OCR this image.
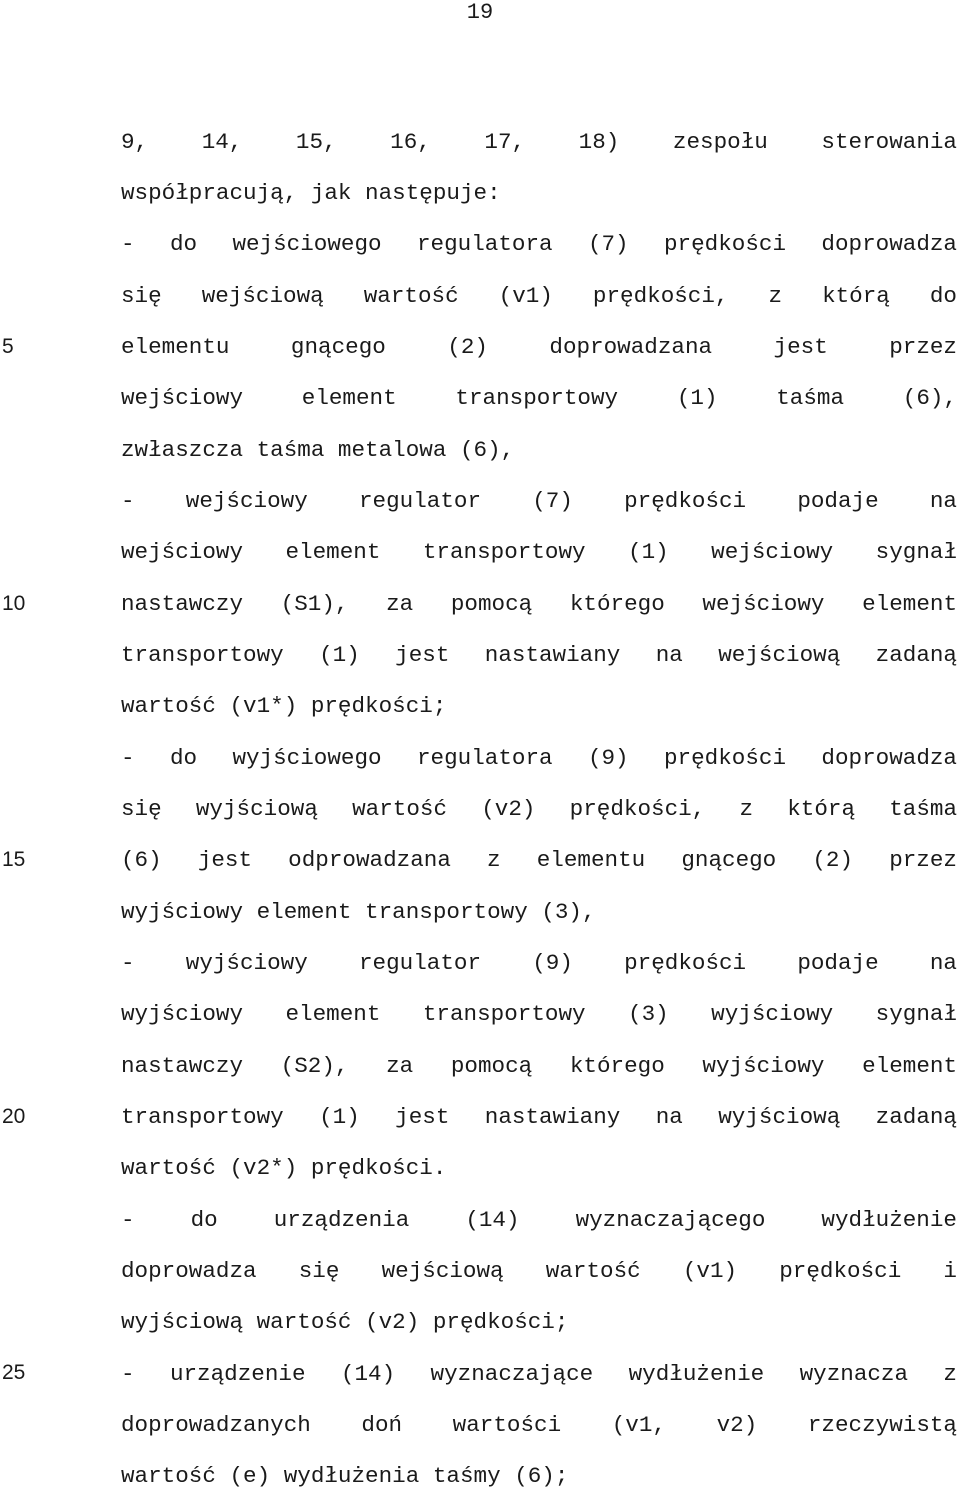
19
5
10
15
20
25
9, 14, 15, 16, 17, 18) zespołu sterowania
współpracują, jak następuje:
- do wejściowego regulatora (7) prędkości doprowadza
się wejściową wartość (v1) prędkości, z którą do
elementu gnącego (2) doprowadzana jest przez
wejściowy element transportowy (1) taśma (6),
zwłaszcza taśma metalowa (6),
- wejściowy regulator (7) prędkości podaje na
wejściowy element transportowy (1) wejściowy sygnał
nastawczy (S1), za pomocą którego wejściowy element
transportowy (1) jest nastawiany na wejściową zadaną
wartość (v1*) prędkości;
- do wyjściowego regulatora (9) prędkości doprowadza
się wyjściową wartość (v2) prędkości, z którą taśma
(6) jest odprowadzana z elementu gnącego (2) przez
wyjściowy element transportowy (3),
- wyjściowy regulator (9) prędkości podaje na
wyjściowy element transportowy (3) wyjściowy sygnał
nastawczy (S2), za pomocą którego wyjściowy element
transportowy (1) jest nastawiany na wyjściową zadaną
wartość (v2*) prędkości.
- do urządzenia (14) wyznaczającego wydłużenie
doprowadza się wejściową wartość (v1) prędkości i
wyjściową wartość (v2) prędkości;
- urządzenie (14) wyznaczające wydłużenie wyznacza z
doprowadzanych doń wartości (v1, v2) rzeczywistą
wartość (e) wydłużenia taśmy (6);
